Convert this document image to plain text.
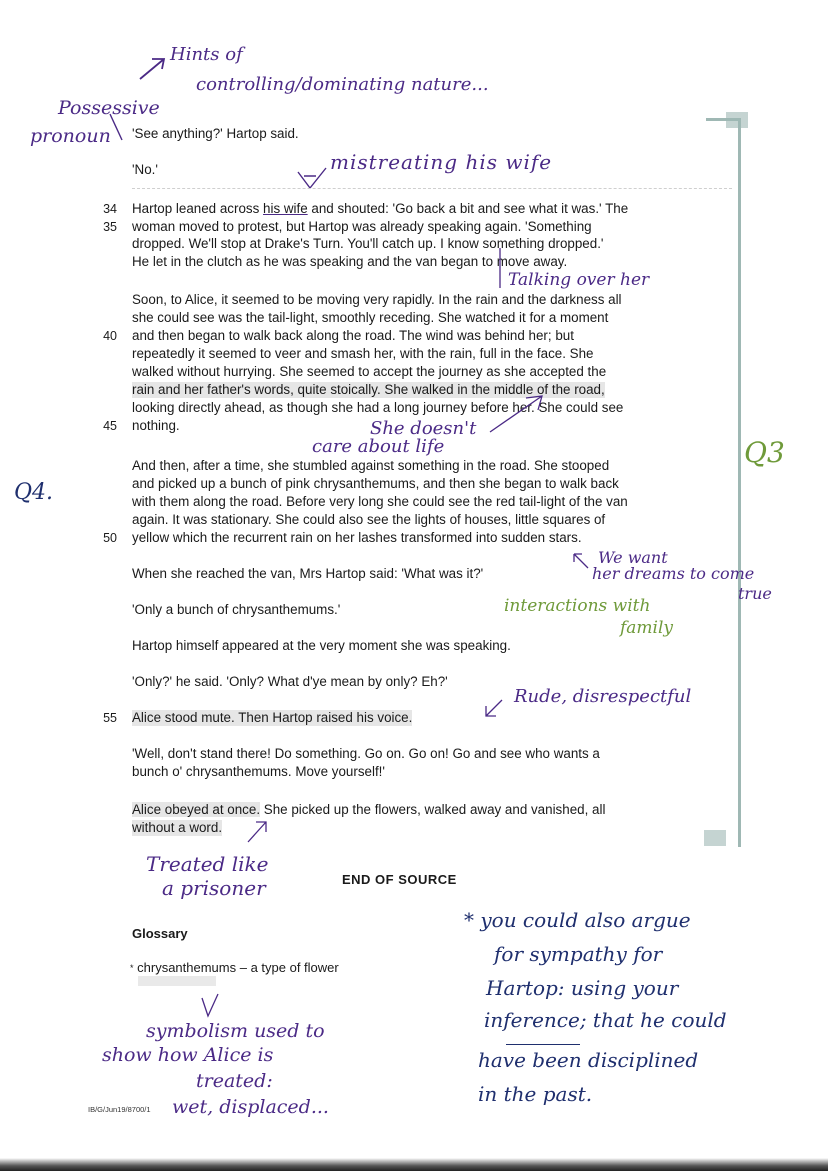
Hints of
controlling/dominating nature...
Possessive
pronoun
mistreating his wife
'See anything?' Hartop said.
'No.'
34
35
Hartop leaned across his wife and shouted: 'Go back a bit and see what it was.' The
woman moved to protest, but Hartop was already speaking again. 'Something
dropped. We'll stop at Drake's Turn. You'll catch up. I know something dropped.'
He let in the clutch as he was speaking and the van began to move away.
Talking over her
Soon, to Alice, it seemed to be moving very rapidly. In the rain and the darkness all
she could see was the tail-light, smoothly receding. She watched it for a moment
40 and then began to walk back along the road. The wind was behind her; but
repeatedly it seemed to veer and smash her, with the rain, full in the face. She
walked without hurrying. She seemed to accept the journey as she accepted the
rain and her father's words, quite stoically. She walked in the middle of the road,
looking directly ahead, as though she had a long journey before her. She could see
45 nothing.	She doesn't
care about life	Q3
Q4.
And then, after a time, she stumbled against something in the road. She stooped
and picked up a bunch of pink chrysanthemums, and then she began to walk back
with them along the road. Before very long she could see the red tail-light of the van
again. It was stationary. She could also see the lights of houses, little squares of
50 yellow which the recurrent rain on her lashes transformed into sudden stars.
We want
her dreams to come
true
When she reached the van, Mrs Hartop said: 'What was it?'
'Only a bunch of chrysanthemums.'	interactions with
family
Hartop himself appeared at the very moment she was speaking.
'Only?' he said. 'Only? What d'ye mean by only? Eh?'
Rude, disrespectful
55 Alice stood mute. Then Hartop raised his voice.
'Well, don't stand there! Do something. Go on. Go on! Go and see who wants a
bunch o' chrysanthemums. Move yourself!'
Alice obeyed at once. She picked up the flowers, walked away and vanished, all
without a word.
Treated like
a prisoner	END OF SOURCE
Glossary
* chrysanthemums – a type of flower
symbolism used to
show how Alice is
treated:
wet, displaced...
* you could also argue
for sympathy for
Hartop: using your
inference; that he could
have been disciplined
in the past.
IB/G/Jun19/8700/1
